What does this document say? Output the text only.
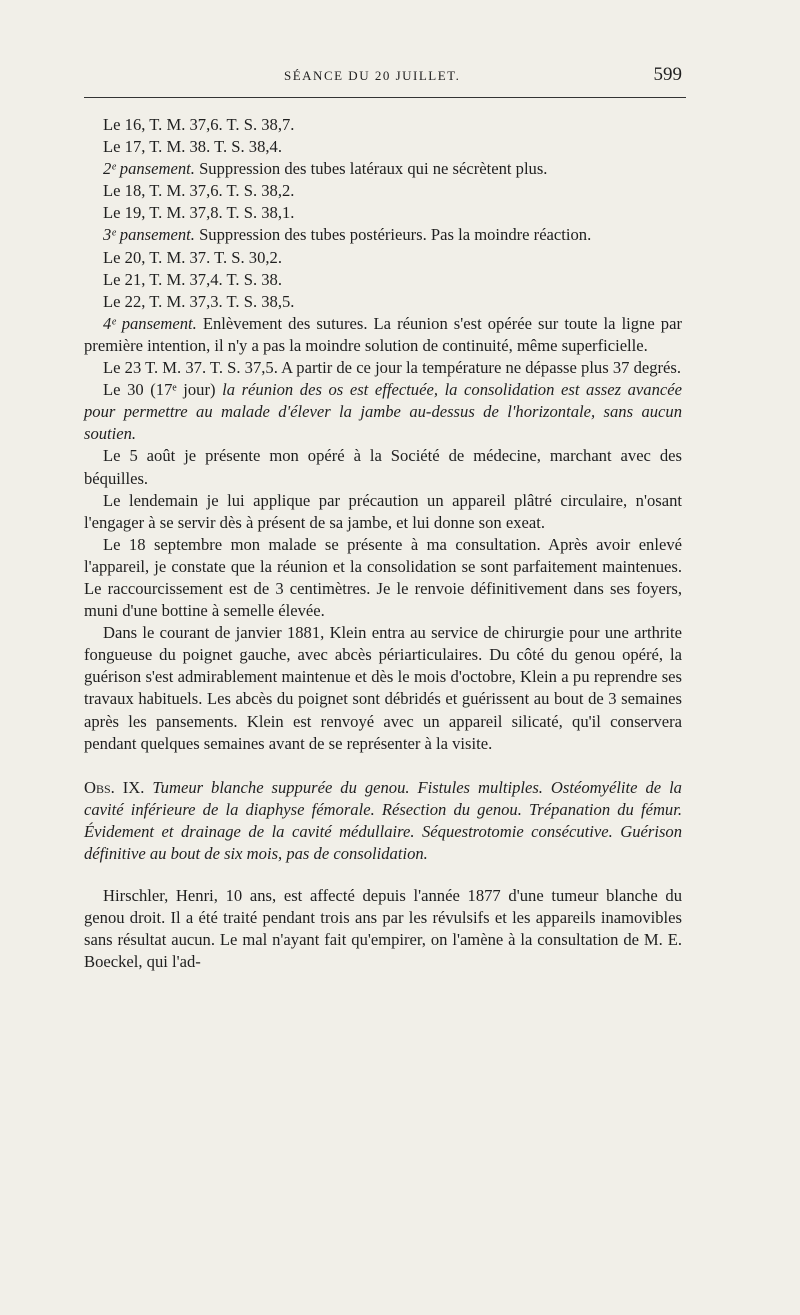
SÉANCE DU 20 JUILLET.	599

Le 16, T. M. 37,6. T. S. 38,7.

Le 17, T. M. 38. T. S. 38,4.

2ᵉ pansement. Suppression des tubes latéraux qui ne sécrètent plus.

Le 18, T. M. 37,6. T. S. 38,2.

Le 19, T. M. 37,8. T. S. 38,1.

3ᵉ pansement. Suppression des tubes postérieurs. Pas la moindre réaction.

Le 20, T. M. 37. T. S. 30,2.

Le 21, T. M. 37,4. T. S. 38.

Le 22, T. M. 37,3. T. S. 38,5.

4ᵉ pansement. Enlèvement des sutures. La réunion s'est opérée sur toute la ligne par première intention, il n'y a pas la moindre solution de continuité, même superficielle.

Le 23 T. M. 37. T. S. 37,5. A partir de ce jour la température ne dépasse plus 37 degrés.

Le 30 (17ᵉ jour) la réunion des os est effectuée, la consolidation est assez avancée pour permettre au malade d'élever la jambe au-dessus de l'horizontale, sans aucun soutien.

Le 5 août je présente mon opéré à la Société de médecine, marchant avec des béquilles.

Le lendemain je lui applique par précaution un appareil plâtré circulaire, n'osant l'engager à se servir dès à présent de sa jambe, et lui donne son exeat.

Le 18 septembre mon malade se présente à ma consultation. Après avoir enlevé l'appareil, je constate que la réunion et la consolidation se sont parfaitement maintenues. Le raccourcissement est de 3 centimètres. Je le renvoie définitivement dans ses foyers, muni d'une bottine à semelle élevée.

Dans le courant de janvier 1881, Klein entra au service de chirurgie pour une arthrite fongueuse du poignet gauche, avec abcès périarticulaires. Du côté du genou opéré, la guérison s'est admirablement maintenue et dès le mois d'octobre, Klein a pu reprendre ses travaux habituels. Les abcès du poignet sont débridés et guérissent au bout de 3 semaines après les pansements. Klein est renvoyé avec un appareil silicaté, qu'il conservera pendant quelques semaines avant de se représenter à la visite.

Obs. IX. Tumeur blanche suppurée du genou. Fistules multiples. Ostéomyélite de la cavité inférieure de la diaphyse fémorale. Résection du genou. Trépanation du fémur. Évidement et drainage de la cavité médullaire. Séquestrotomie consécutive. Guérison définitive au bout de six mois, pas de consolidation.

Hirschler, Henri, 10 ans, est affecté depuis l'année 1877 d'une tumeur blanche du genou droit. Il a été traité pendant trois ans par les révulsifs et les appareils inamovibles sans résultat aucun. Le mal n'ayant fait qu'empirer, on l'amène à la consultation de M. E. Boeckel, qui l'ad-
